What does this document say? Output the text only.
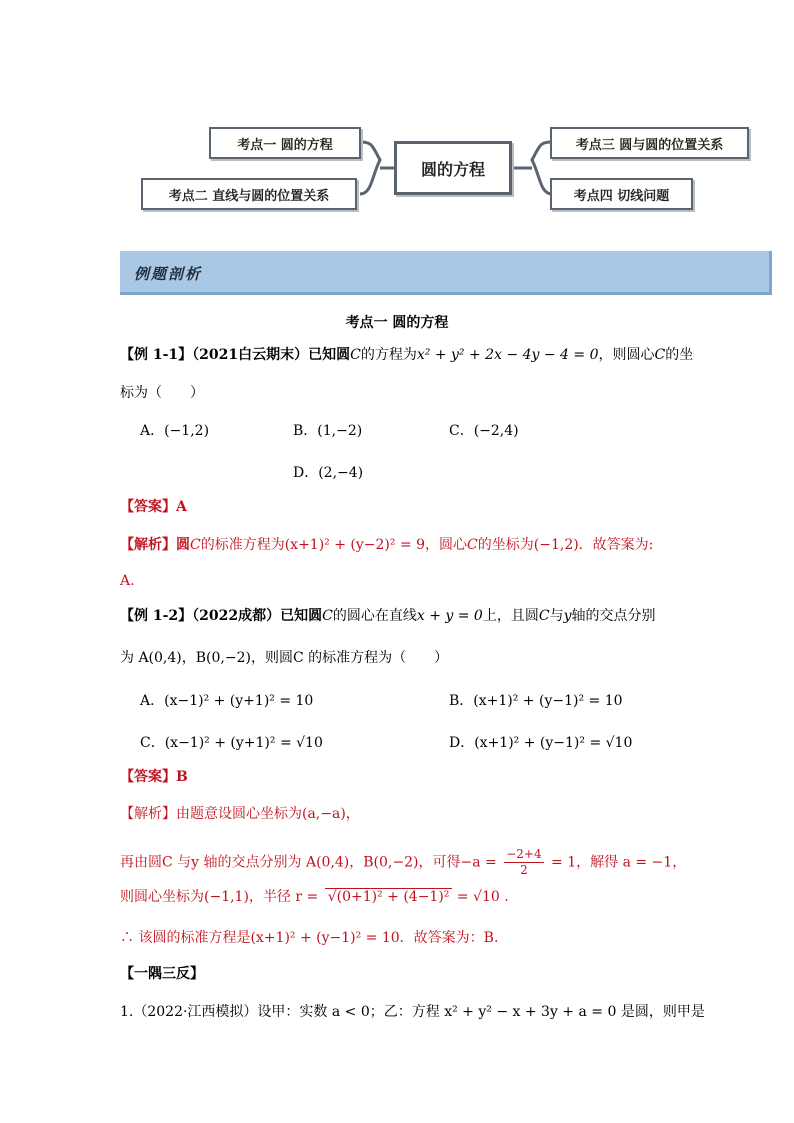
考点一 圆的方程
考点二 直线与圆的位置关系
圆的方程
考点三 圆与圆的位置关系
考点四 切线问题
例题剖析
考点一 圆的方程
【例 1-1】（2021白云期末）已知圆C的方程为x² + y² + 2x − 4y − 4 = 0，则圆心C的坐
标为（　　）
A．(−1,2)	B．(1,−2)	C．(−2,4)
D．(2,−4)
【答案】A
【解析】圆C的标准方程为(x+1)² + (y−2)² = 9，圆心C的坐标为(−1,2)．故答案为:
A.
【例 1-2】（2022成都）已知圆C的圆心在直线x + y = 0上，且圆C与y轴的交点分别
为 A(0,4)，B(0,−2)，则圆C 的标准方程为（　　）
A．(x−1)² + (y+1)² = 10	B．(x+1)² + (y−1)² = 10
C．(x−1)² + (y+1)² = √10	D．(x+1)² + (y−1)² = √10
【答案】B
【解析】由题意设圆心坐标为(a,−a)，
再由圆C 与y 轴的交点分别为 A(0,4)，B(0,−2)，可得$-a = \frac{-2+4}{2} = 1$，解得 a = −1，
则圆心坐标为(−1,1)，半径 r = √(0+1)² + (4−1)² = √10 .
∴ 该圆的标准方程是(x+1)² + (y−1)² = 10．故答案为：B.
【一隅三反】
1.（2022·江西模拟）设甲：实数 a < 0；乙：方程 x² + y² − x + 3y + a = 0 是圆，则甲是
